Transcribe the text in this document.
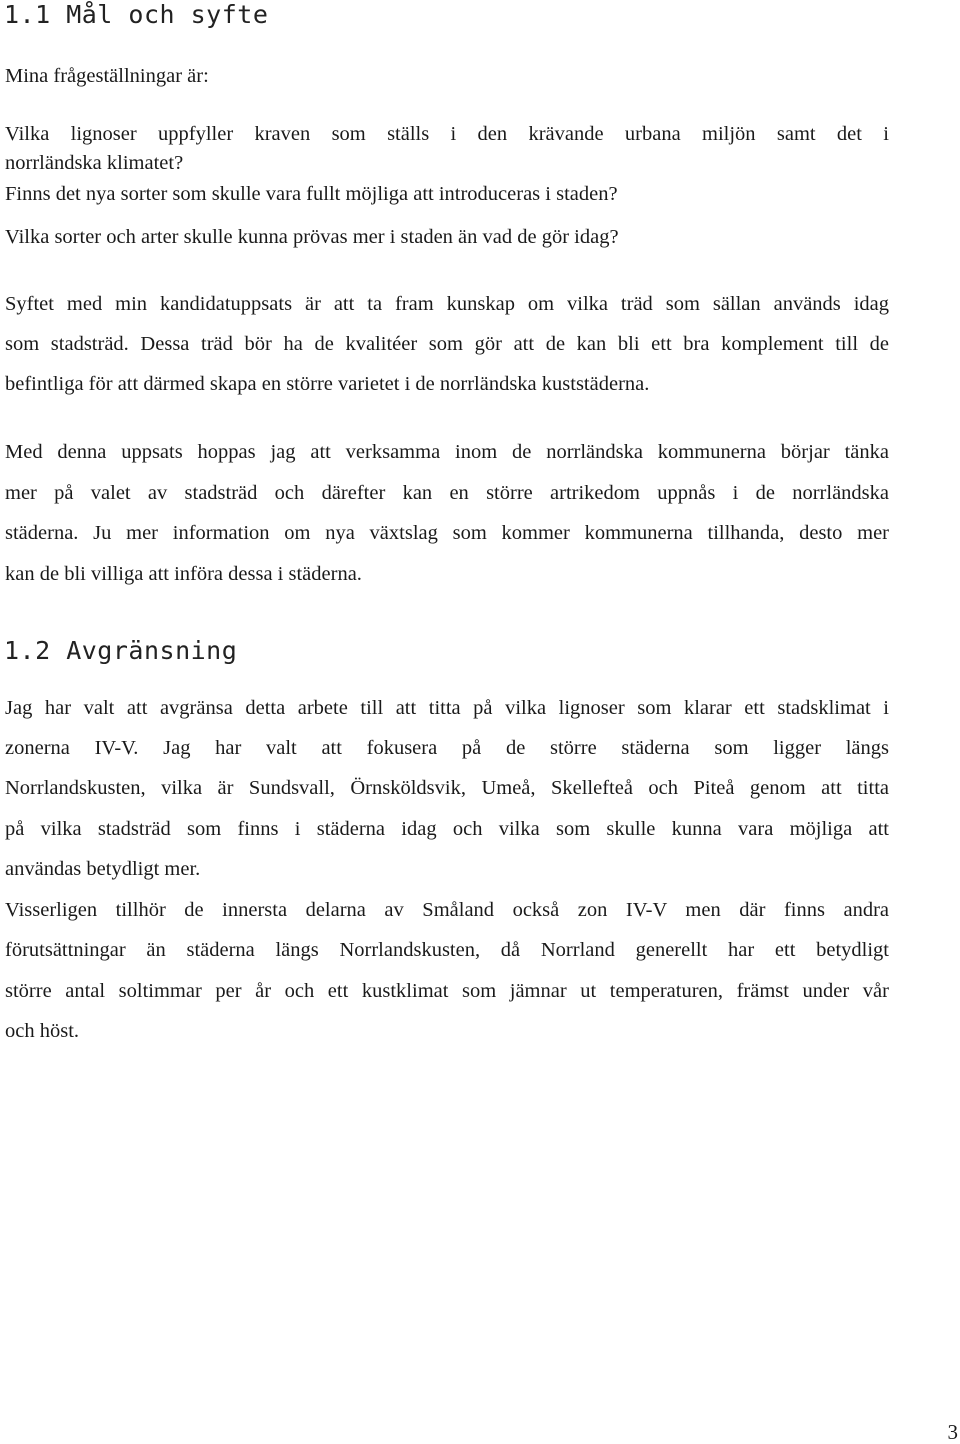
1.1 Mål och syfte
Mina frågeställningar är:
Vilka lignoser uppfyller kraven som ställs i den krävande urbana miljön samt det i
norrländska klimatet?
Finns det nya sorter som skulle vara fullt möjliga att introduceras i staden?
Vilka sorter och arter skulle kunna prövas mer i staden än vad de gör idag?
Syftet med min kandidatuppsats är att ta fram kunskap om vilka träd som sällan används idag
som stadsträd. Dessa träd bör ha de kvalitéer som gör att de kan bli ett bra komplement till de
befintliga för att därmed skapa en större varietet i de norrländska kuststäderna.
Med denna uppsats hoppas jag att verksamma inom de norrländska kommunerna börjar tänka
mer på valet av stadsträd och därefter kan en större artrikedom uppnås i de norrländska
städerna. Ju mer information om nya växtslag som kommer kommunerna tillhanda, desto mer
kan de bli villiga att införa dessa i städerna.
1.2 Avgränsning
Jag har valt att avgränsa detta arbete till att titta på vilka lignoser som klarar ett stadsklimat i
zonerna IV-V. Jag har valt att fokusera på de större städerna som ligger längs
Norrlandskusten, vilka är Sundsvall, Örnsköldsvik, Umeå, Skellefteå och Piteå genom att titta
på vilka stadsträd som finns i städerna idag och vilka som skulle kunna vara möjliga att
användas betydligt mer.
Visserligen tillhör de innersta delarna av Småland också zon IV-V men där finns andra
förutsättningar än städerna längs Norrlandskusten, då Norrland generellt har ett betydligt
större antal soltimmar per år och ett kustklimat som jämnar ut temperaturen, främst under vår
och höst.
3
